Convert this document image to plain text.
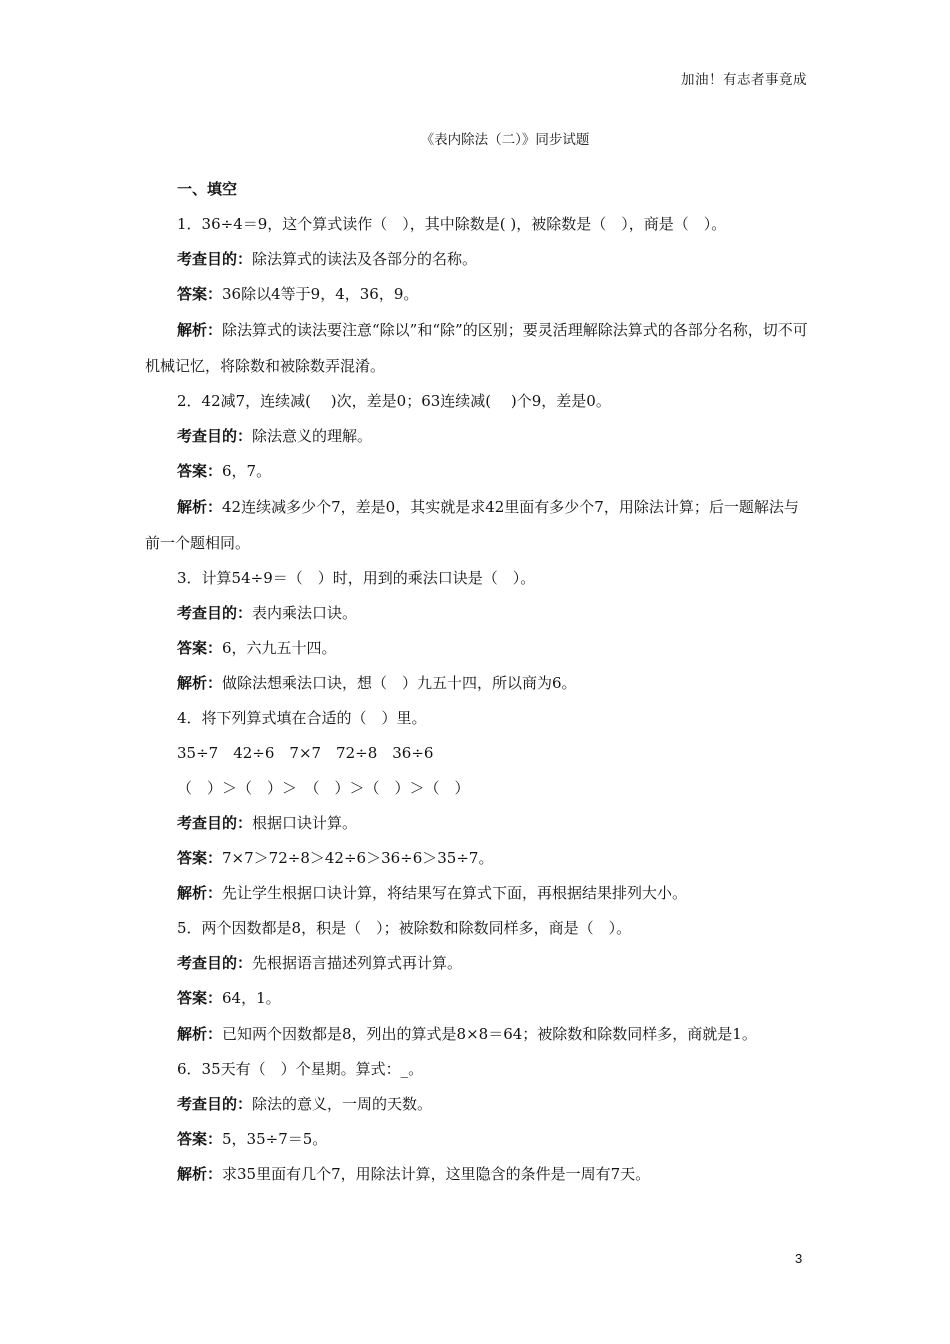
加油！有志者事竟成
《表内除法（二）》同步试题
一、填空
1．36÷4＝9，这个算式读作（　），其中除数是( )，被除数是（　），商是（　）。
考查目的：除法算式的读法及各部分的名称。
答案：36除以4等于9，4，36，9。
解析：除法算式的读法要注意“除以”和“除”的区别；要灵活理解除法算式的各部分名称，切不可机械记忆，将除数和被除数弄混淆。
2．42减7，连续减(　 )次，差是0；63连续减(　 )个9，差是0。
考查目的：除法意义的理解。
答案：6，7。
解析：42连续减多少个7，差是0，其实就是求42里面有多少个7，用除法计算；后一题解法与前一个题相同。
3．计算54÷9＝（　）时，用到的乘法口诀是（　）。
考查目的：表内乘法口诀。
答案：6，六九五十四。
解析：做除法想乘法口诀，想（　）九五十四，所以商为6。
4．将下列算式填在合适的（　）里。
35÷7　42÷6　7×7　72÷8　36÷6
（　）＞（　）＞　（　）＞（　）＞（　）
考查目的：根据口诀计算。
答案：7×7＞72÷8＞42÷6＞36÷6＞35÷7。
解析：先让学生根据口诀计算，将结果写在算式下面，再根据结果排列大小。
5．两个因数都是8，积是（　）；被除数和除数同样多，商是（　）。
考查目的：先根据语言描述列算式再计算。
答案：64，1。
解析：已知两个因数都是8，列出的算式是8×8＝64；被除数和除数同样多，商就是1。
6．35天有（　）个星期。算式：_。
考查目的：除法的意义，一周的天数。
答案：5，35÷7＝5。
解析：求35里面有几个7，用除法计算，这里隐含的条件是一周有7天。
3
